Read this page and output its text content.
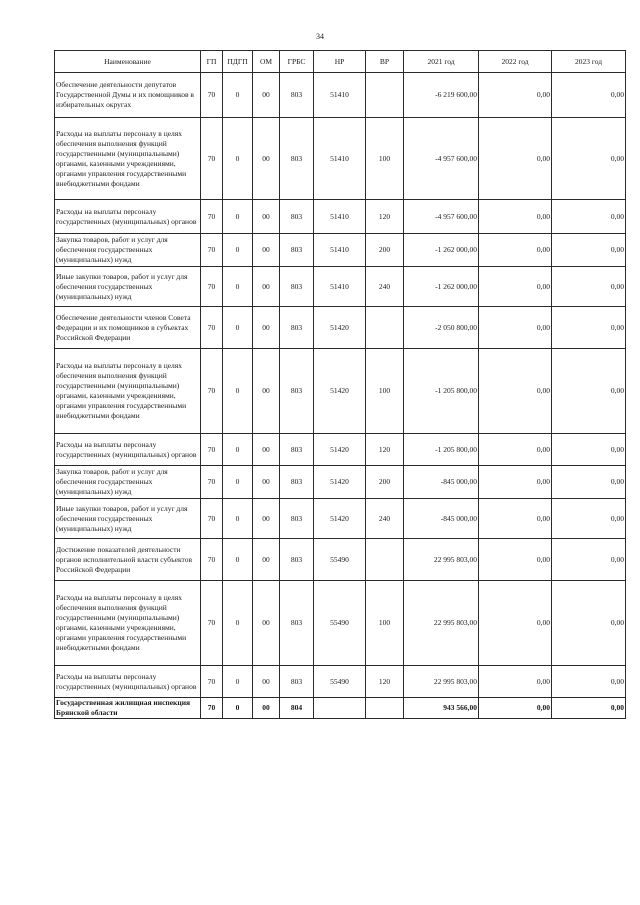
34
Наименование	ГП	ПДГП	ОМ	ГРБС	НР	ВР	2021 год	2022 год	2023 год
Обеспечение деятельности депутатов Государственной Думы и их помощников в избирательных округах	70	0	00	803	51410		-6 219 600,00	0,00	0,00
Расходы на выплаты персоналу в целях обеспечения выполнения функций государственными (муниципальными) органами, казенными учреждениями, органами управления государственными внебюджетными фондами	70	0	00	803	51410	100	-4 957 600,00	0,00	0,00
Расходы на выплаты персоналу государственных (муниципальных) органов	70	0	00	803	51410	120	-4 957 600,00	0,00	0,00
Закупка товаров, работ и услуг для обеспечения государственных (муниципальных) нужд	70	0	00	803	51410	200	-1 262 000,00	0,00	0,00
Иные закупки товаров, работ и услуг для обеспечения государственных (муниципальных) нужд	70	0	00	803	51410	240	-1 262 000,00	0,00	0,00
Обеспечение деятельности членов Совета Федерации и их помощников в субъектах Российской Федерации	70	0	00	803	51420		-2 050 800,00	0,00	0,00
Расходы на выплаты персоналу в целях обеспечения выполнения функций государственными (муниципальными) органами, казенными учреждениями, органами управления государственными внебюджетными фондами	70	0	00	803	51420	100	-1 205 800,00	0,00	0,00
Расходы на выплаты персоналу государственных (муниципальных) органов	70	0	00	803	51420	120	-1 205 800,00	0,00	0,00
Закупка товаров, работ и услуг для обеспечения государственных (муниципальных) нужд	70	0	00	803	51420	200	-845 000,00	0,00	0,00
Иные закупки товаров, работ и услуг для обеспечения государственных (муниципальных) нужд	70	0	00	803	51420	240	-845 000,00	0,00	0,00
Достижение показателей деятельности органов исполнительной власти субъектов Российской Федерации	70	0	00	803	55490		22 995 803,00	0,00	0,00
Расходы на выплаты персоналу в целях обеспечения выполнения функций государственными (муниципальными) органами, казенными учреждениями, органами управления государственными внебюджетными фондами	70	0	00	803	55490	100	22 995 803,00	0,00	0,00
Расходы на выплаты персоналу государственных (муниципальных) органов	70	0	00	803	55490	120	22 995 803,00	0,00	0,00
Государственная жилищная инспекция Брянской области	70	0	00	804			943 566,00	0,00	0,00
